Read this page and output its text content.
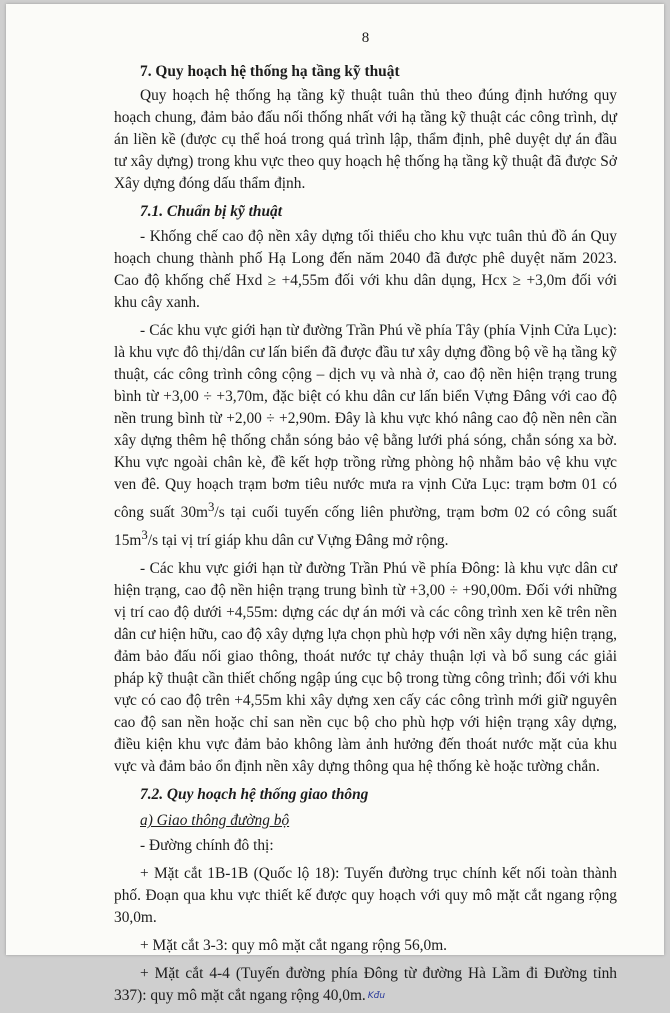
8
7. Quy hoạch hệ thống hạ tầng kỹ thuật

Quy hoạch hệ thống hạ tầng kỹ thuật tuân thủ theo đúng định hướng quy hoạch chung, đảm bảo đấu nối thống nhất với hạ tầng kỹ thuật các công trình, dự án liền kề (được cụ thể hoá trong quá trình lập, thẩm định, phê duyệt dự án đầu tư xây dựng) trong khu vực theo quy hoạch hệ thống hạ tầng kỹ thuật đã được Sở Xây dựng đóng dấu thẩm định.

7.1. Chuẩn bị kỹ thuật

- Khống chế cao độ nền xây dựng tối thiểu cho khu vực tuân thủ đồ án Quy hoạch chung thành phố Hạ Long đến năm 2040 đã được phê duyệt năm 2023. Cao độ khống chế Hxd ≥ +4,55m đối với khu dân dụng, Hcx ≥ +3,0m đối với khu cây xanh.

- Các khu vực giới hạn từ đường Trần Phú về phía Tây (phía Vịnh Cửa Lục): là khu vực đô thị/dân cư lấn biển đã được đầu tư xây dựng đồng bộ về hạ tầng kỹ thuật, các công trình công cộng – dịch vụ và nhà ở, cao độ nền hiện trạng trung bình từ +3,00 ÷ +3,70m, đặc biệt có khu dân cư lấn biển Vựng Đâng với cao độ nền trung bình từ +2,00 ÷ +2,90m. Đây là khu vực khó nâng cao độ nền nên cần xây dựng thêm hệ thống chắn sóng bảo vệ bằng lưới phá sóng, chắn sóng xa bờ. Khu vực ngoài chân kè, đề kết hợp trồng rừng phòng hộ nhằm bảo vệ khu vực ven đê. Quy hoạch trạm bơm tiêu nước mưa ra vịnh Cửa Lục: trạm bơm 01 có công suất $30m^3/s$ tại cuối tuyến cống liên phường, trạm bơm 02 có công suất $15m^3/s$ tại vị trí giáp khu dân cư Vựng Đâng mở rộng.

- Các khu vực giới hạn từ đường Trần Phú về phía Đông: là khu vực dân cư hiện trạng, cao độ nền hiện trạng trung bình từ +3,00 ÷ +90,00m. Đối với những vị trí cao độ dưới +4,55m: dựng các dự án mới và các công trình xen kẽ trên nền dân cư hiện hữu, cao độ xây dựng lựa chọn phù hợp với nền xây dựng hiện trạng, đảm bảo đấu nối giao thông, thoát nước tự chảy thuận lợi và bổ sung các giải pháp kỹ thuật cần thiết chống ngập úng cục bộ trong từng công trình; đối với khu vực có cao độ trên +4,55m khi xây dựng xen cấy các công trình mới giữ nguyên cao độ san nền hoặc chỉ san nền cục bộ cho phù hợp với hiện trạng xây dựng, điều kiện khu vực đảm bảo không làm ảnh hưởng đến thoát nước mặt của khu vực và đảm bảo ổn định nền xây dựng thông qua hệ thống kè hoặc tường chắn.

7.2. Quy hoạch hệ thống giao thông
a) Giao thông đường bộ

- Đường chính đô thị:

+ Mặt cắt 1B-1B (Quốc lộ 18): Tuyến đường trục chính kết nối toàn thành phố. Đoạn qua khu vực thiết kế được quy hoạch với quy mô mặt cắt ngang rộng 30,0m.

+ Mặt cắt 3-3: quy mô mặt cắt ngang rộng 56,0m.

+ Mặt cắt 4-4 (Tuyến đường phía Đông từ đường Hà Lầm đi Đường tỉnh 337): quy mô mặt cắt ngang rộng 40,0m. Kđu
